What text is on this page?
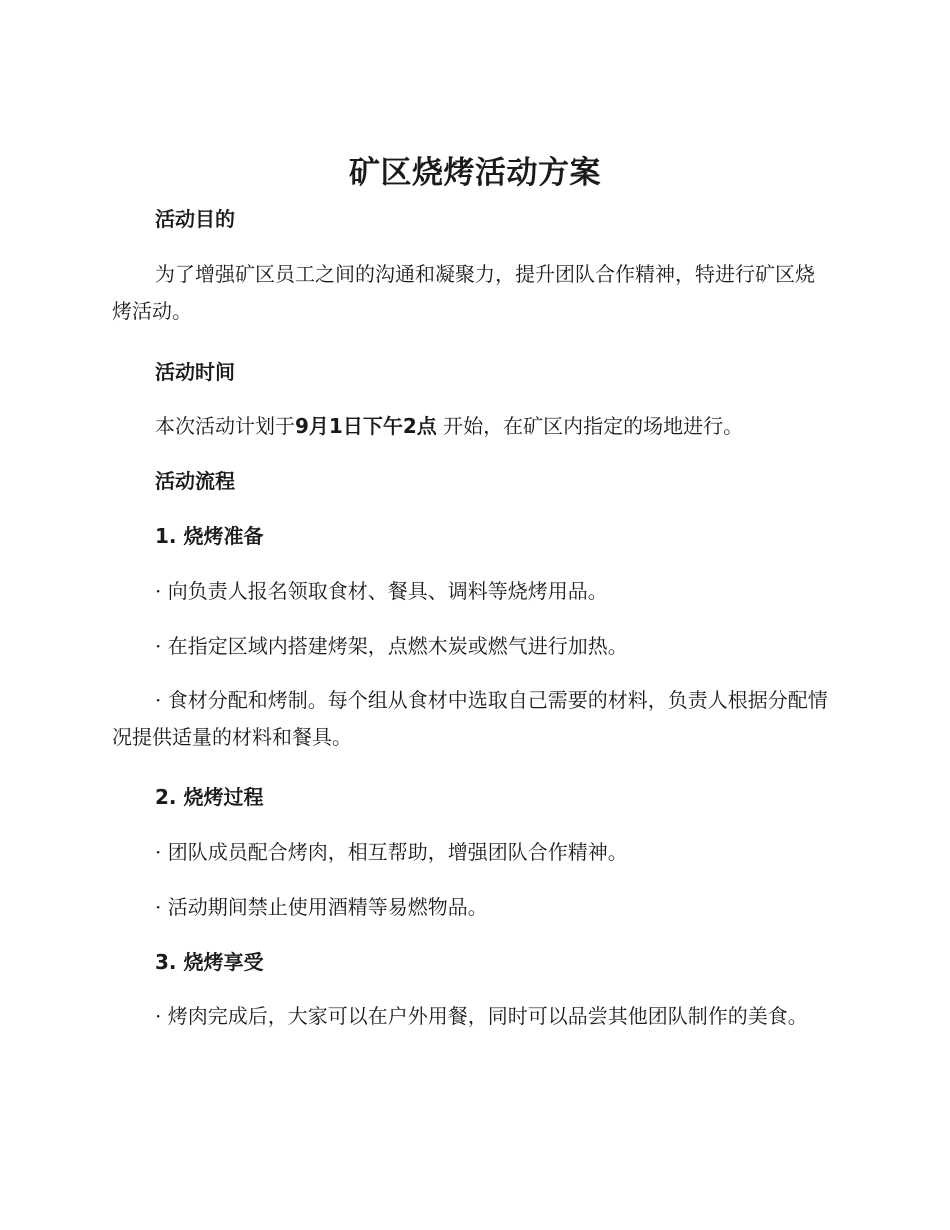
矿区烧烤活动方案
活动目的
为了增强矿区员工之间的沟通和凝聚力，提升团队合作精神，特进行矿区烧烤活动。
活动时间
本次活动计划于9月1日下午2点 开始，在矿区内指定的场地进行。
活动流程
1. 烧烤准备
· 向负责人报名领取食材、餐具、调料等烧烤用品。
· 在指定区域内搭建烤架，点燃木炭或燃气进行加热。
· 食材分配和烤制。每个组从食材中选取自己需要的材料，负责人根据分配情况提供适量的材料和餐具。
2. 烧烤过程
· 团队成员配合烤肉，相互帮助，增强团队合作精神。
· 活动期间禁止使用酒精等易燃物品。
3. 烧烤享受
· 烤肉完成后，大家可以在户外用餐，同时可以品尝其他团队制作的美食。
